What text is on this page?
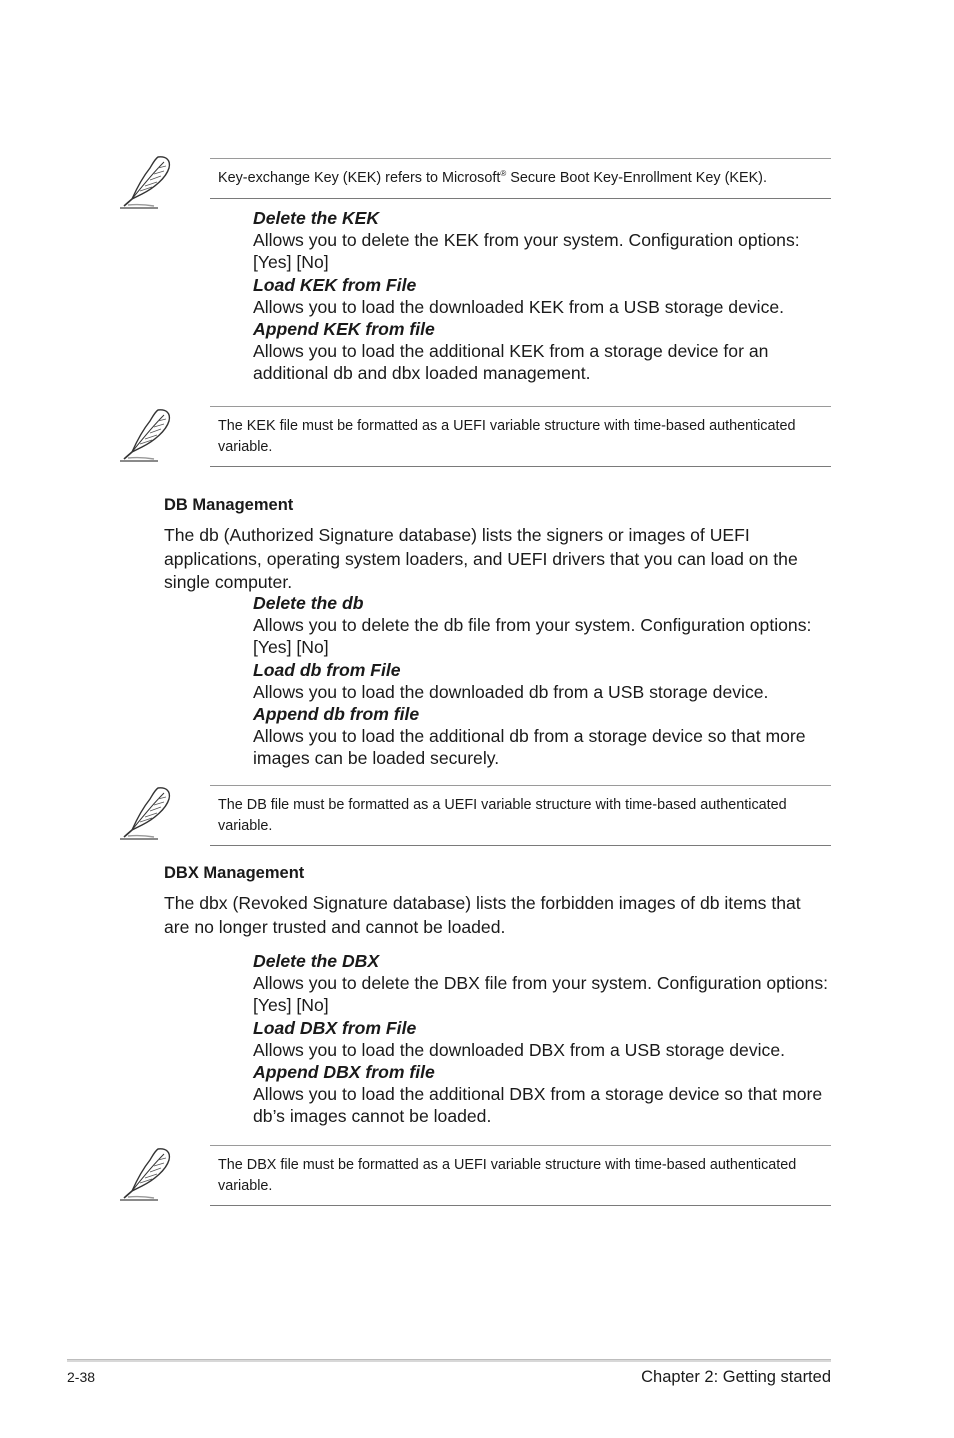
Key-exchange Key (KEK) refers to Microsoft® Secure Boot Key-Enrollment Key (KEK).
Delete the KEK

Allows you to delete the KEK from your system. Configuration options: [Yes] [No]

Load KEK from File

Allows you to load the downloaded KEK from a USB storage device.

Append KEK from file

Allows you to load the additional KEK from a storage device for an additional db and dbx loaded management.

The KEK file must be formatted as a UEFI variable structure with time-based authenticated variable.
DB Management

The db (Authorized Signature database) lists the signers or images of UEFI applications, operating system loaders, and UEFI drivers that you can load on the single computer.

Delete the db

Allows you to delete the db file from your system. Configuration options: [Yes] [No]

Load db from File

Allows you to load the downloaded db from a USB storage device.

Append db from file

Allows you to load the additional db from a storage device so that more images can be loaded securely.

The DB file must be formatted as a UEFI variable structure with time-based authenticated variable.
DBX Management

The dbx (Revoked Signature database) lists the forbidden images of db items that are no longer trusted and cannot be loaded.

Delete the DBX

Allows you to delete the DBX file from your system. Configuration options: [Yes] [No]

Load DBX from File

Allows you to load the downloaded DBX from a USB storage device.

Append DBX from file

Allows you to load the additional DBX from a storage device so that more db’s images cannot be loaded.

The DBX file must be formatted as a UEFI variable structure with time-based authenticated variable.
2-38	Chapter 2: Getting started
